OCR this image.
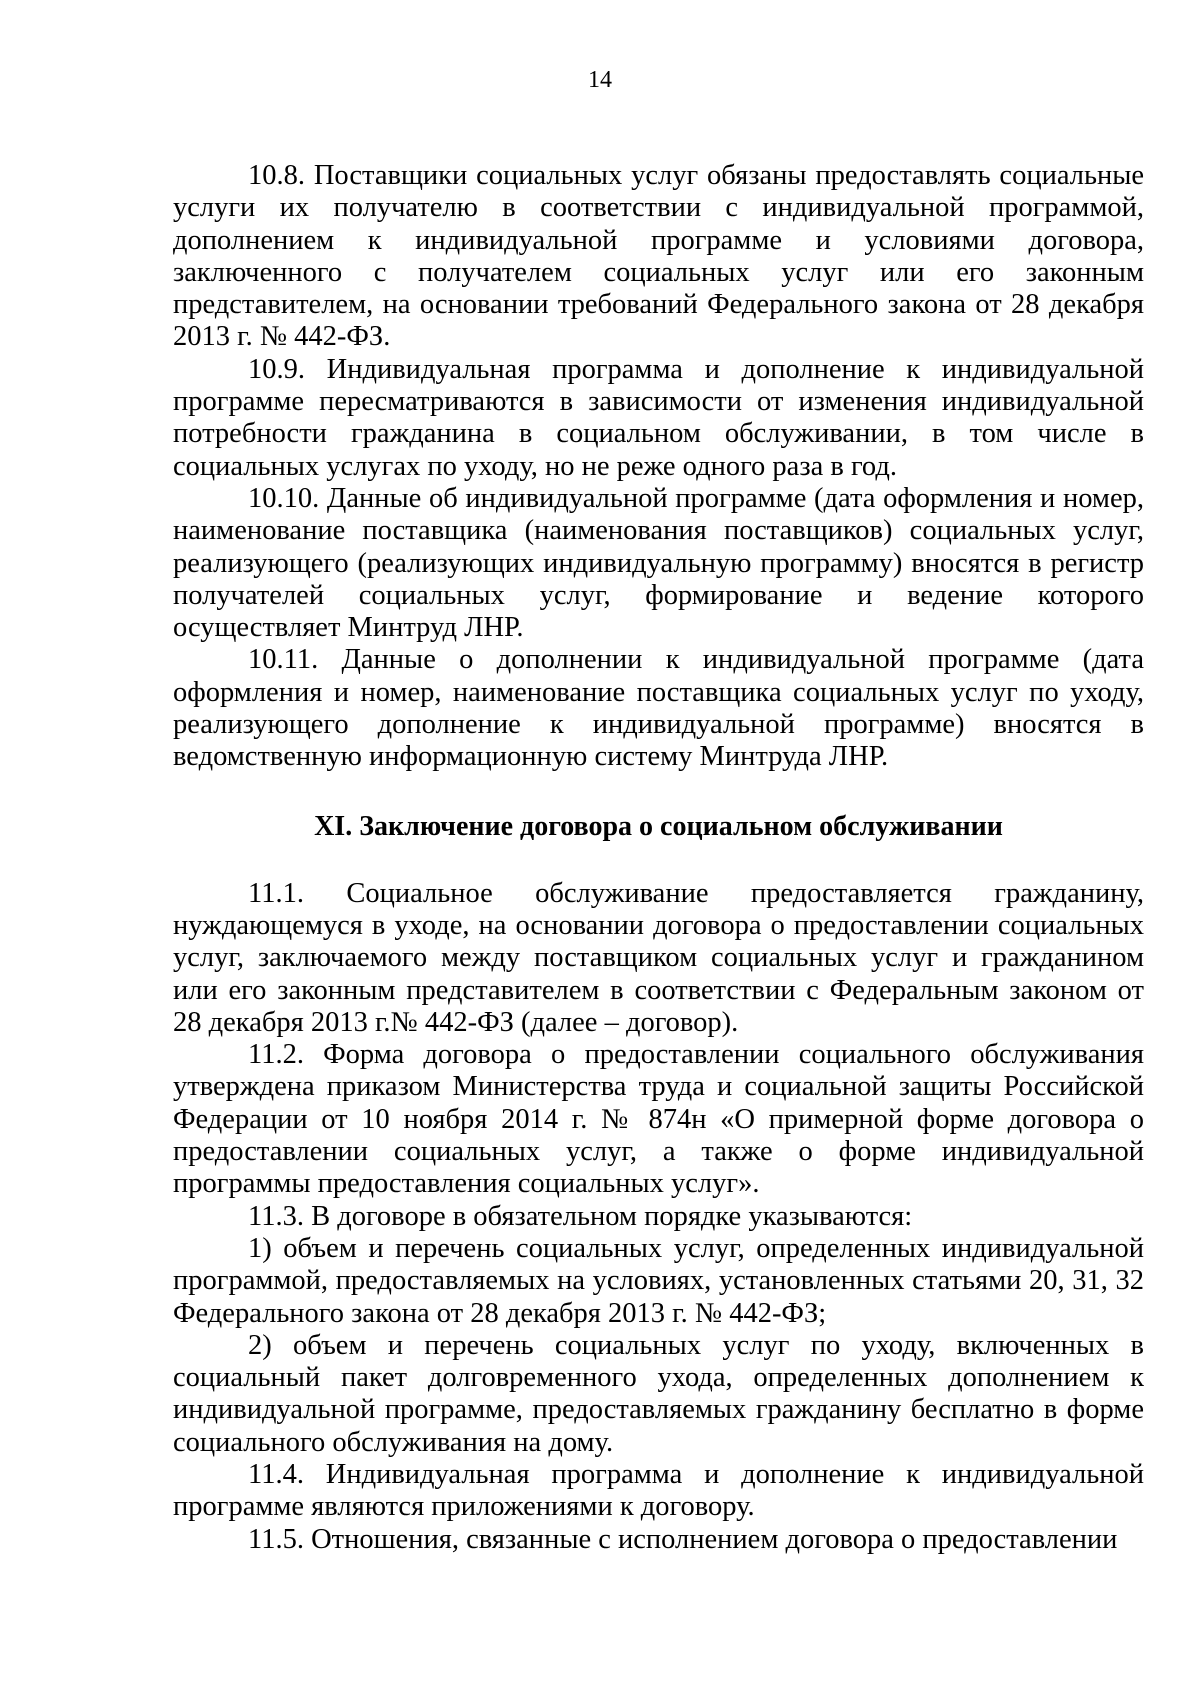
14

10.8. Поставщики социальных услуг обязаны предоставлять социальные услуги их получателю в соответствии с индивидуальной программой, дополнением к индивидуальной программе и условиями договора, заключенного с получателем социальных услуг или его законным представителем, на основании требований Федерального закона от 28 декабря 2013 г. № 442-ФЗ.

10.9. Индивидуальная программа и дополнение к индивидуальной программе пересматриваются в зависимости от изменения индивидуальной потребности гражданина в социальном обслуживании, в том числе в социальных услугах по уходу, но не реже одного раза в год.

10.10. Данные об индивидуальной программе (дата оформления и номер, наименование поставщика (наименования поставщиков) социальных услуг, реализующего (реализующих индивидуальную программу) вносятся в регистр получателей социальных услуг, формирование и ведение которого осуществляет Минтруд ЛНР.

10.11. Данные о дополнении к индивидуальной программе (дата оформления и номер, наименование поставщика социальных услуг по уходу, реализующего дополнение к индивидуальной программе) вносятся в ведомственную информационную систему Минтруда ЛНР.

XI. Заключение договора о социальном обслуживании

11.1. Социальное обслуживание предоставляется гражданину, нуждающемуся в уходе, на основании договора о предоставлении социальных услуг, заключаемого между поставщиком социальных услуг и гражданином или его законным представителем в соответствии с Федеральным законом от 28 декабря 2013 г.№ 442-ФЗ (далее – договор).

11.2. Форма договора о предоставлении социального обслуживания утверждена приказом Министерства труда и социальной защиты Российской Федерации от 10 ноября 2014 г. № 874н «О примерной форме договора о предоставлении социальных услуг, а также о форме индивидуальной программы предоставления социальных услуг».

11.3. В договоре в обязательном порядке указываются:

1) объем и перечень социальных услуг, определенных индивидуальной программой, предоставляемых на условиях, установленных статьями 20, 31, 32 Федерального закона от 28 декабря 2013 г. № 442-ФЗ;

2) объем и перечень социальных услуг по уходу, включенных в социальный пакет долговременного ухода, определенных дополнением к индивидуальной программе, предоставляемых гражданину бесплатно в форме социального обслуживания на дому.

11.4. Индивидуальная программа и дополнение к индивидуальной программе являются приложениями к договору.

11.5. Отношения, связанные с исполнением договора о предоставлении
